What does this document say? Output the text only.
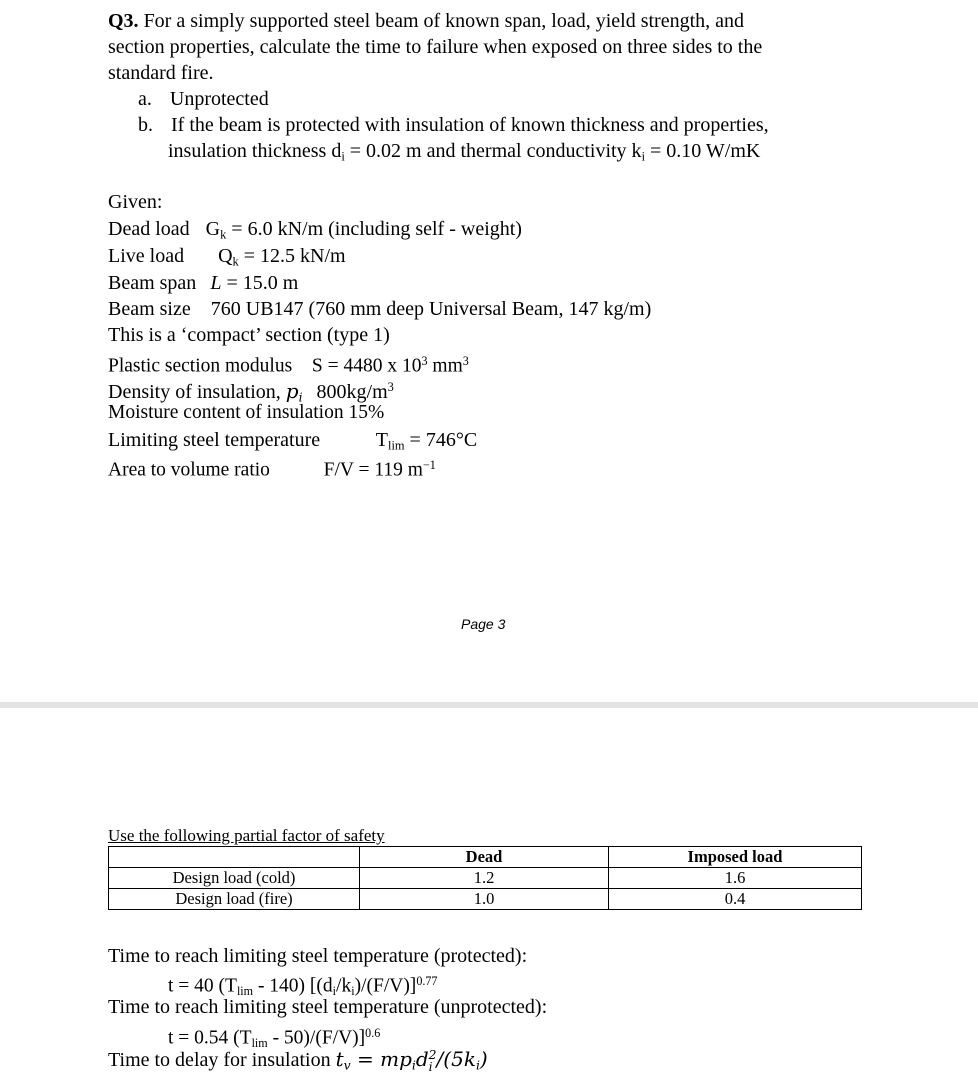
Q3. For a simply supported steel beam of known span, load, yield strength, and
section properties, calculate the time to failure when exposed on three sides to the
standard fire.
a. Unprotected
b. If the beam is protected with insulation of known thickness and properties,
insulation thickness $d_i = 0.02$ m and thermal conductivity $k_i = 0.10$ W/mK
Given:
Dead load $G_k = 6.0$ kN/m (including self - weight)
Live load $Q_k = 12.5$ kN/m
Beam span L = 15.0 m
Beam size 760 UB147 (760 mm deep Universal Beam, 147 kg/m)
This is a ‘compact’ section (type 1)
Plastic section modulus S = 4480 x $10^3$ $mm^3$
Density of insulation, $p_i$ $800kg/m^3$
Moisture content of insulation 15%
Limiting steel temperature	$T_{lim} = 746^\circ C$
Area to volume ratio	F/V = 119 $m^{-1}$
Page 3
Use the following partial factor of safety
	Dead	Imposed load
Design load (cold)	1.2	1.6
Design load (fire)	1.0	0.4
Time to reach limiting steel temperature (protected):
t = 40 $(T_{lim} - 140)$ $[(d_i/k_i)/(F/V)]^{0.77}$
Time to reach limiting steel temperature (unprotected):
t = 0.54 $(T_{lim} - 50)/(F/V)]^{0.6}$
Time to delay for insulation $t_v = mp_id$ 2
i $/(5k_i)$
